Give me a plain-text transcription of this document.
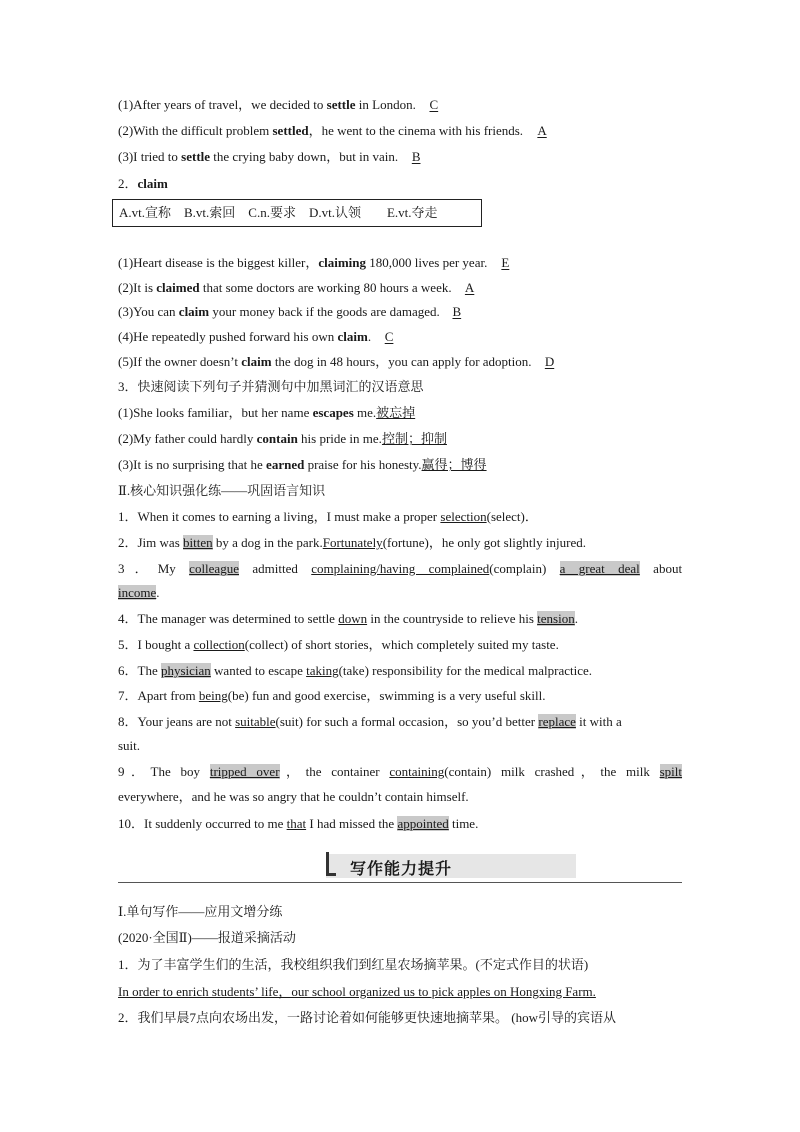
(1)After years of travel，we decided to settle in London. C
(2)With the difficult problem settled，he went to the cinema with his friends. A
(3)I tried to settle the crying baby down，but in vain. B
2．claim
A.vt.宣称　B.vt.索回　C.n.要求　D.vt.认领　　E.vt.夺走
(1)Heart disease is the biggest killer，claiming 180,000 lives per year. E
(2)It is claimed that some doctors are working 80 hours a week. A
(3)You can claim your money back if the goods are damaged. B
(4)He repeatedly pushed forward his own claim. C
(5)If the owner doesn’t claim the dog in 48 hours，you can apply for adoption. D
3．快速阅读下列句子并猜测句中加黑词汇的汉语意思
(1)She looks familiar，but her name escapes me.被忘掉
(2)My father could hardly contain his pride in me.控制；抑制
(3)It is no surprising that he earned praise for his honesty.赢得；博得
Ⅱ.核心知识强化练——巩固语言知识
1．When it comes to earning a living，I must make a proper selection(select)．
2．Jim was bitten by a dog in the park.Fortunately(fortune)，he only got slightly injured.
3．My colleague admitted complaining/having complained(complain) a great deal about
income.
4．The manager was determined to settle down in the countryside to relieve his tension.
5．I bought a collection(collect) of short stories，which completely suited my taste.
6．The physician wanted to escape taking(take) responsibility for the medical malpractice.
7．Apart from being(be) fun and good exercise，swimming is a very useful skill.
8．Your jeans are not suitable(suit) for such a formal occasion，so you’d better replace it with a
suit.
9．The boy tripped over，the container containing(contain) milk crashed，the milk spilt
everywhere，and he was so angry that he couldn’t contain himself.
10．It suddenly occurred to me that I had missed the appointed time.
写作能力提升
Ⅰ.单句写作——应用文增分练
(2020·全国Ⅱ)——报道采摘活动
1．为了丰富学生们的生活，我校组织我们到红星农场摘苹果。(不定式作目的状语)
In order to enrich students’ life，our school organized us to pick apples on Hongxing Farm.
2．我们早晨7点向农场出发，一路讨论着如何能够更快速地摘苹果。 (how引导的宾语从
